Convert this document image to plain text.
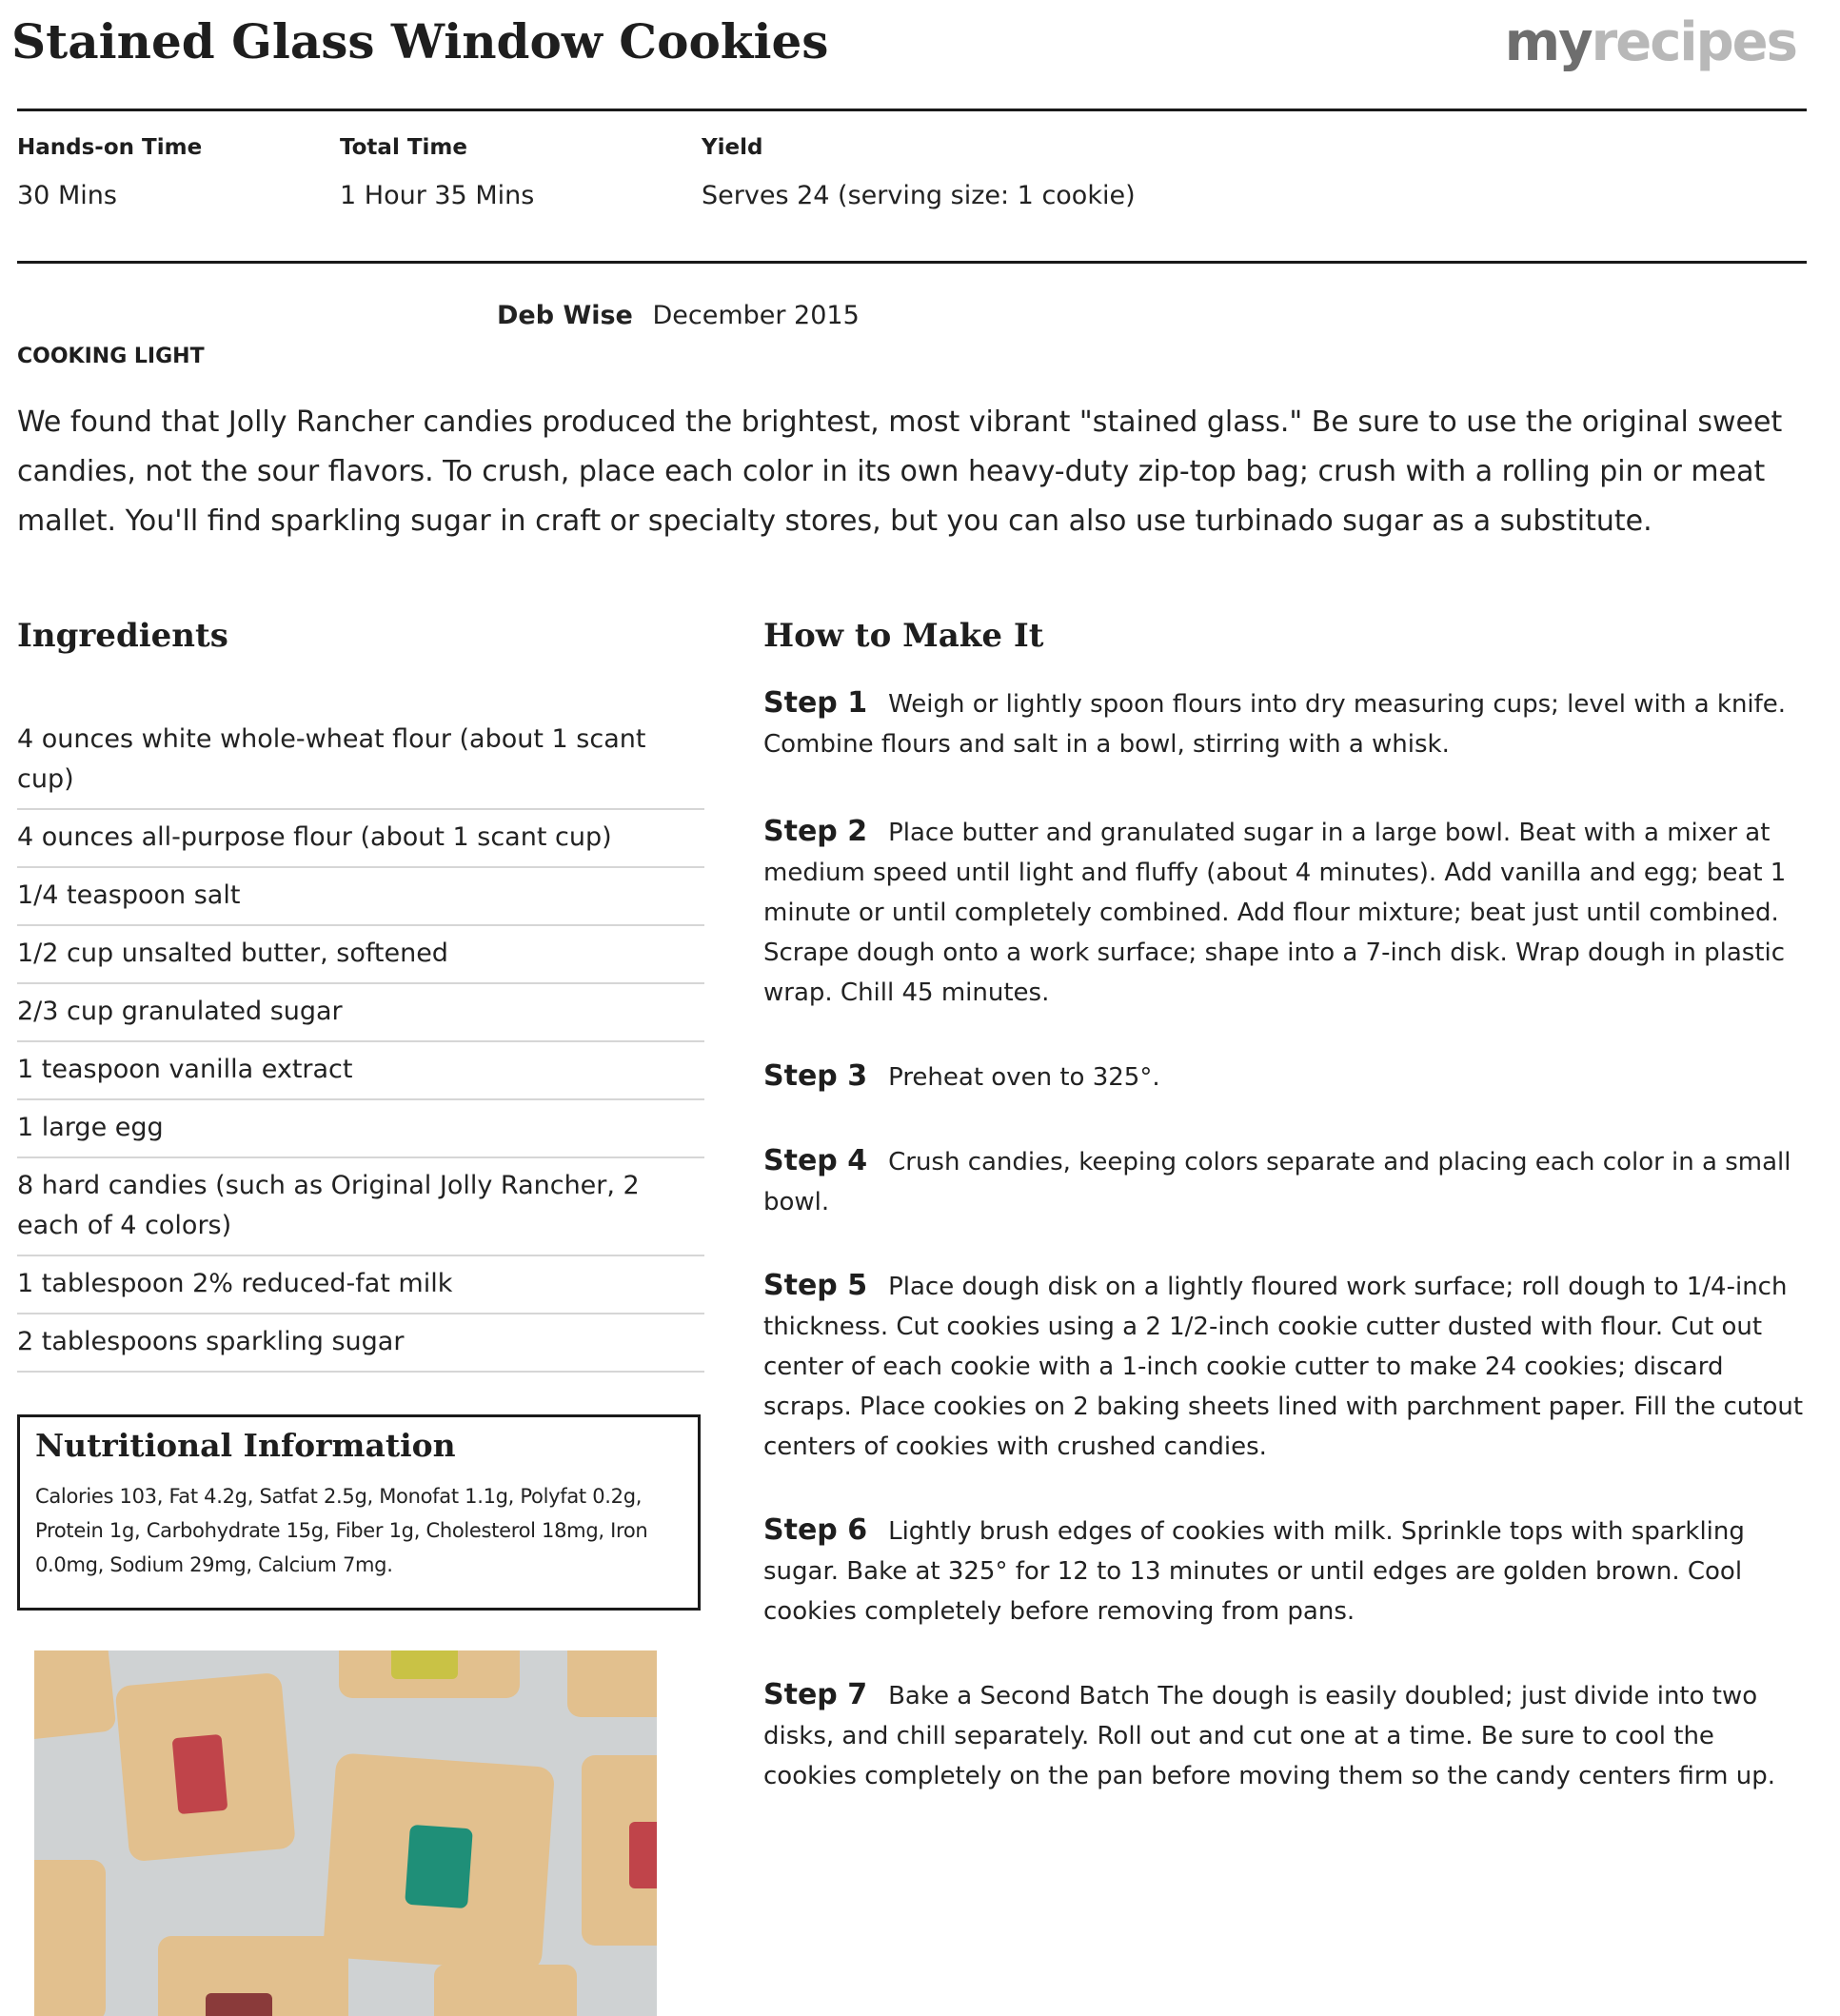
Stained Glass Window Cookies	myrecipes
Hands-on Time
30 Mins
Total Time
1 Hour 35 Mins
Yield
Serves 24 (serving size: 1 cookie)
Deb Wise December 2015
COOKING LIGHT

We found that Jolly Rancher candies produced the brightest, most vibrant "stained glass." Be sure to use the original sweet candies, not the sour flavors. To crush, place each color in its own heavy-duty zip-top bag; crush with a rolling pin or meat mallet. You'll find sparkling sugar in craft or specialty stores, but you can also use turbinado sugar as a substitute.

Ingredients	How to Make It
4 ounces white whole-wheat flour (about 1 scant cup)
4 ounces all-purpose flour (about 1 scant cup)
1/4 teaspoon salt
1/2 cup unsalted butter, softened
2/3 cup granulated sugar
1 teaspoon vanilla extract
1 large egg
8 hard candies (such as Original Jolly Rancher, 2 each of 4 colors)
1 tablespoon 2% reduced-fat milk
2 tablespoons sparkling sugar
Nutritional Information

Calories 103, Fat 4.2g, Satfat 2.5g, Monofat 1.1g, Polyfat 0.2g, Protein 1g, Carbohydrate 15g, Fiber 1g, Cholesterol 18mg, Iron 0.0mg, Sodium 29mg, Calcium 7mg.

Step 1 Weigh or lightly spoon flours into dry measuring cups; level with a knife. Combine flours and salt in a bowl, stirring with a whisk.

Step 2 Place butter and granulated sugar in a large bowl. Beat with a mixer at medium speed until light and fluffy (about 4 minutes). Add vanilla and egg; beat 1 minute or until completely combined. Add flour mixture; beat just until combined. Scrape dough onto a work surface; shape into a 7-inch disk. Wrap dough in plastic wrap. Chill 45 minutes.

Step 3 Preheat oven to 325°.

Step 4 Crush candies, keeping colors separate and placing each color in a small bowl.

Step 5 Place dough disk on a lightly floured work surface; roll dough to 1/4-inch thickness. Cut cookies using a 2 1/2-inch cookie cutter dusted with flour. Cut out center of each cookie with a 1-inch cookie cutter to make 24 cookies; discard scraps. Place cookies on 2 baking sheets lined with parchment paper. Fill the cutout centers of cookies with crushed candies.

Step 6 Lightly brush edges of cookies with milk. Sprinkle tops with sparkling sugar. Bake at 325° for 12 to 13 minutes or until edges are golden brown. Cool cookies completely before removing from pans.

Step 7 Bake a Second Batch The dough is easily doubled; just divide into two disks, and chill separately. Roll out and cut one at a time. Be sure to cool the cookies completely on the pan before moving them so the candy centers firm up.
